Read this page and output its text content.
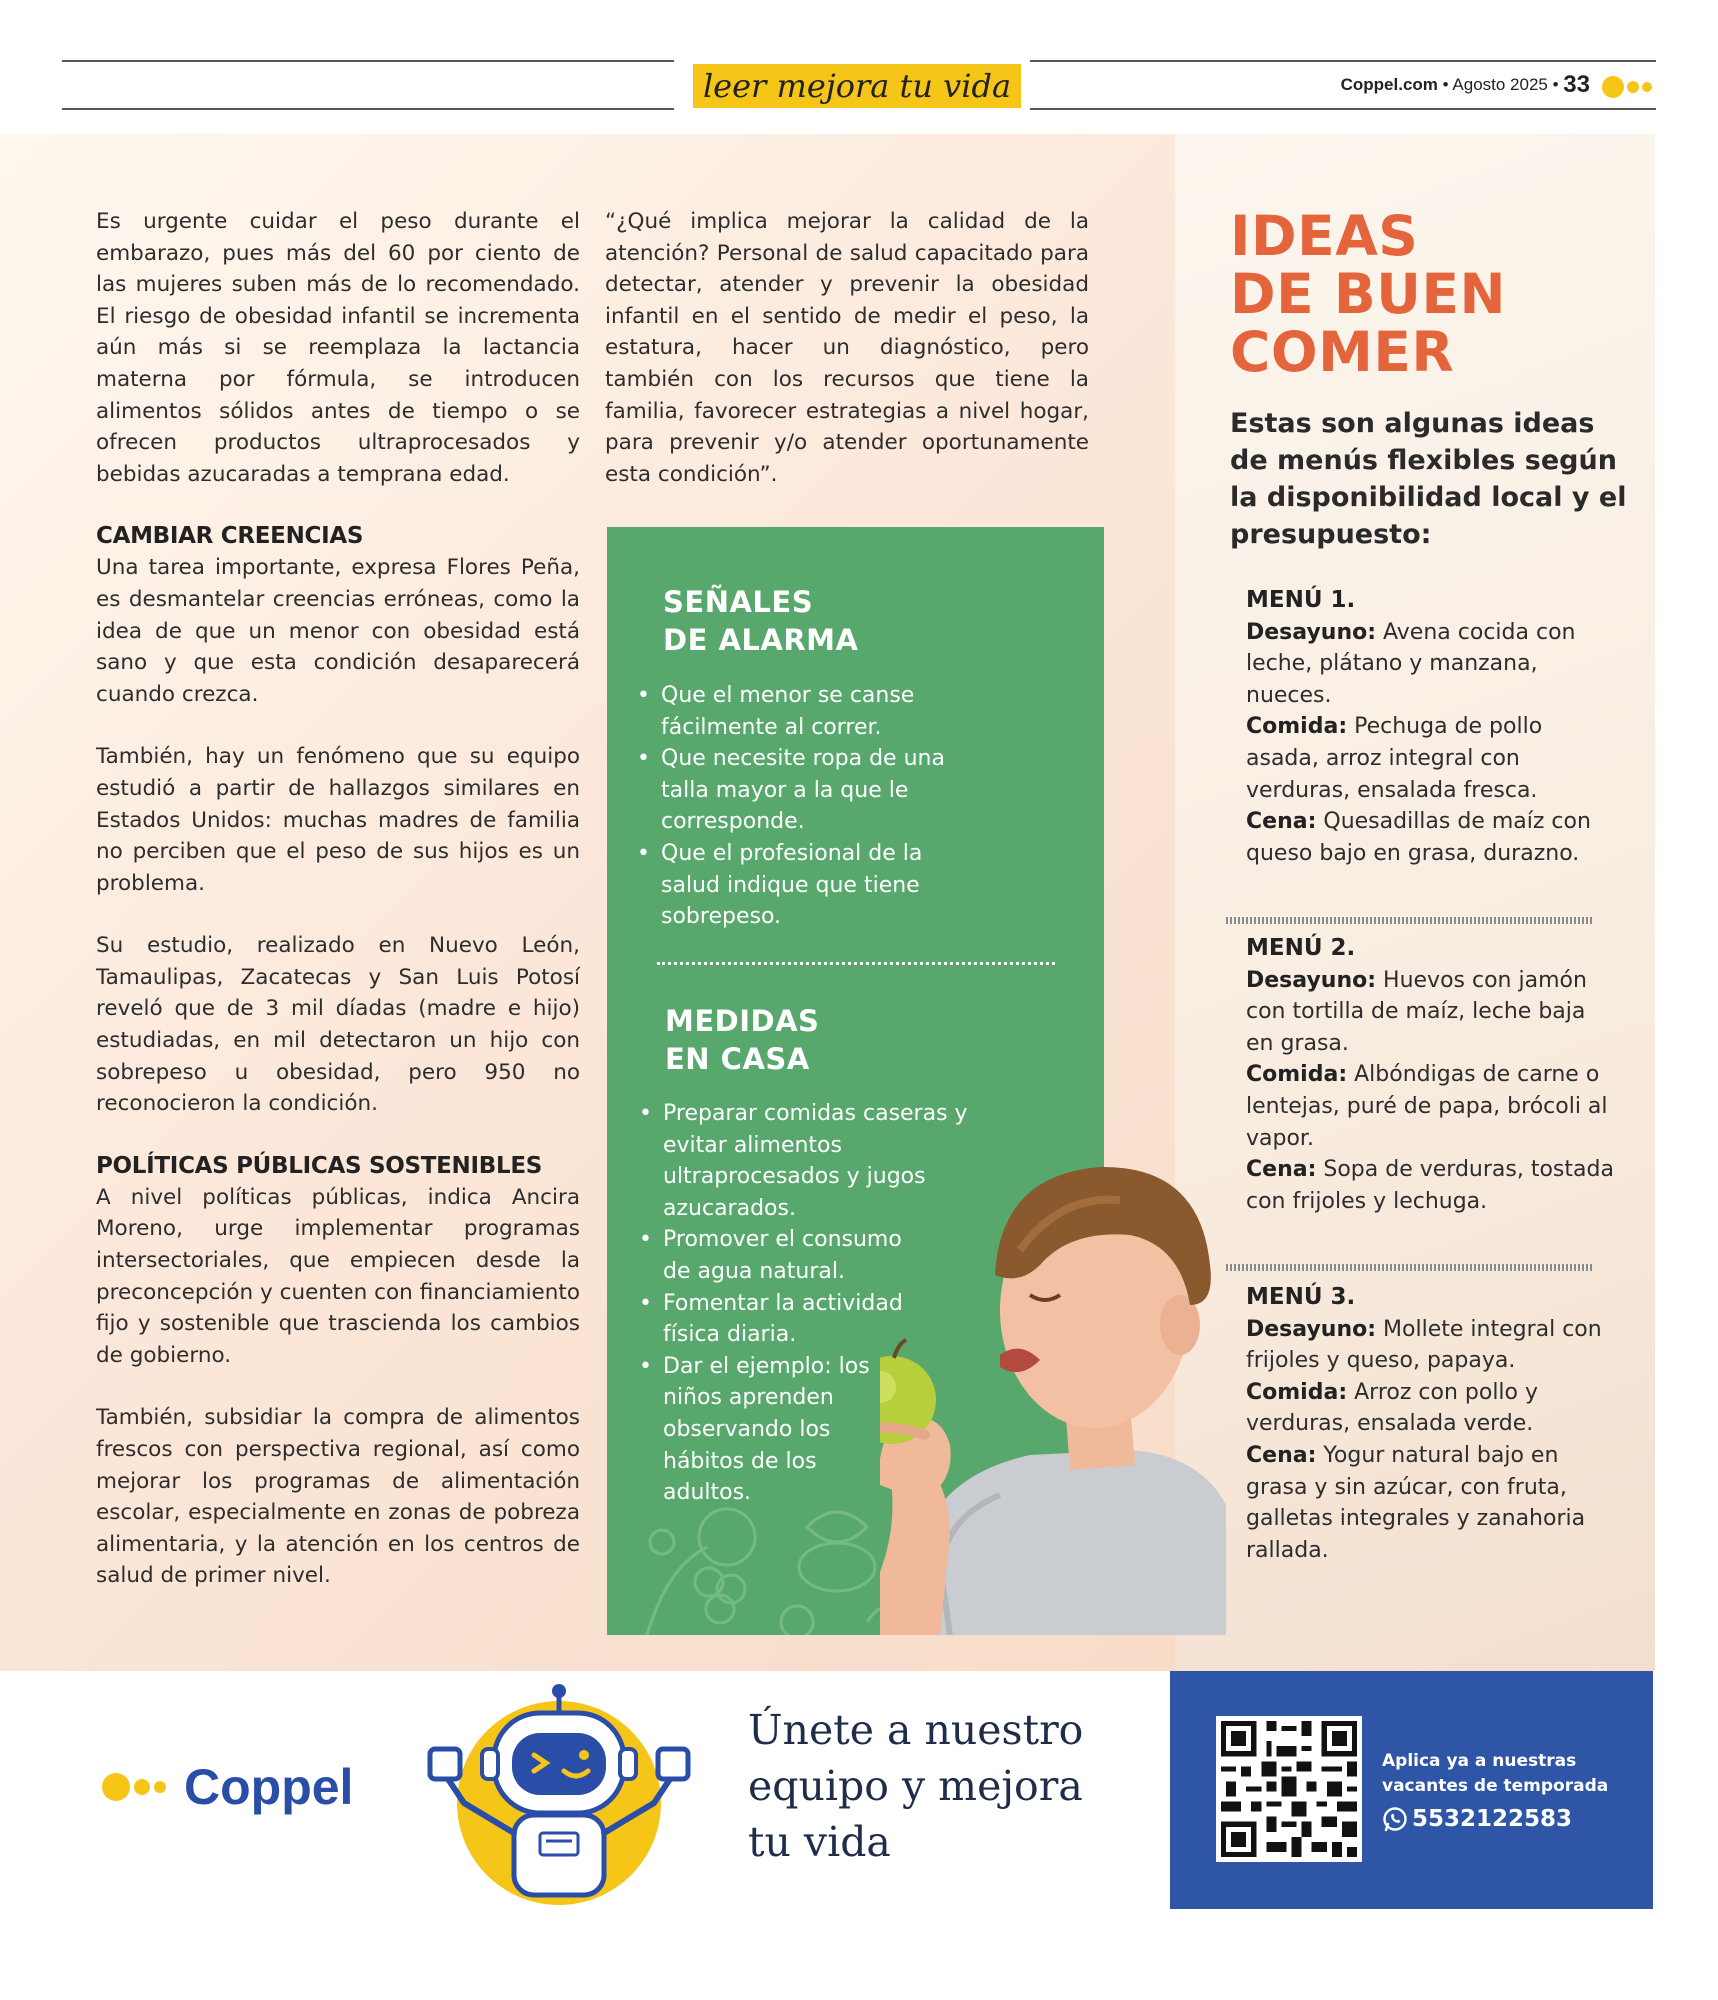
leer mejora tu vida	Coppel.com • Agosto 2025 • 33

Es urgente cuidar el peso durante el embarazo, pues más del 60 por ciento de las mujeres suben más de lo recomendado. El riesgo de obesidad infantil se incrementa aún más si se reemplaza la lactancia materna por fórmula, se introducen alimentos sólidos antes de tiempo o se ofrecen productos ultraprocesados y bebidas azucaradas a temprana edad.

CAMBIAR CREENCIAS

Una tarea importante, expresa Flores Peña, es desmantelar creencias erróneas, como la idea de que un menor con obesidad está sano y que esta condición desaparecerá cuando crezca.

También, hay un fenómeno que su equipo estudió a partir de hallazgos similares en Estados Unidos: muchas madres de familia no perciben que el peso de sus hijos es un problema.

Su estudio, realizado en Nuevo León, Tamaulipas, Zacatecas y San Luis Potosí reveló que de 3 mil díadas (madre e hijo) estudiadas, en mil detectaron un hijo con sobrepeso u obesidad, pero 950 no reconocieron la condición.

POLÍTICAS PÚBLICAS SOSTENIBLES

A nivel políticas públicas, indica Ancira Moreno, urge implementar programas intersectoriales, que empiecen desde la preconcepción y cuenten con financiamiento fijo y sostenible que trascienda los cambios de gobierno.

También, subsidiar la compra de alimentos frescos con perspectiva regional, así como mejorar los programas de alimentación escolar, especialmente en zonas de pobreza alimentaria, y la atención en los centros de salud de primer nivel.

“¿Qué implica mejorar la calidad de la atención? Personal de salud capacitado para detectar, atender y prevenir la obesidad infantil en el sentido de medir el peso, la estatura, hacer un diagnóstico, pero también con los recursos que tiene la familia, favorecer estrategias a nivel hogar, para prevenir y/o atender oportunamente esta condición”.

SEÑALES
DE ALARMA
• Que el menor se canse fácilmente al correr.
• Que necesite ropa de una talla mayor a la que le corresponde.
• Que el profesional de la salud indique que tiene sobrepeso.
MEDIDAS
EN CASA
• Preparar comidas caseras y evitar alimentos ultraprocesados y jugos azucarados.
• Promover el consumo de agua natural.
• Fomentar la actividad física diaria.
• Dar el ejemplo: los niños aprenden observando los hábitos de los adultos.
IDEAS
DE BUEN
COMER
Estas son algunas ideas de menús flexibles según la disponibilidad local y el presupuesto:
MENÚ 1.

Desayuno: Avena cocida con leche, plátano y manzana, nueces.

Comida: Pechuga de pollo asada, arroz integral con verduras, ensalada fresca.

Cena: Quesadillas de maíz con queso bajo en grasa, durazno.

MENÚ 2.

Desayuno: Huevos con jamón con tortilla de maíz, leche baja en grasa.

Comida: Albóndigas de carne o lentejas, puré de papa, brócoli al vapor.

Cena: Sopa de verduras, tostada con frijoles y lechuga.

MENÚ 3.

Desayuno: Mollete integral con frijoles y queso, papaya.

Comida: Arroz con pollo y verduras, ensalada verde.

Cena: Yogur natural bajo en grasa y sin azúcar, con fruta, galletas integrales y zanahoria rallada.

Coppel
Únete a nuestro equipo y mejora tu vida
Aplica ya a nuestras vacantes de temporada
5532122583
